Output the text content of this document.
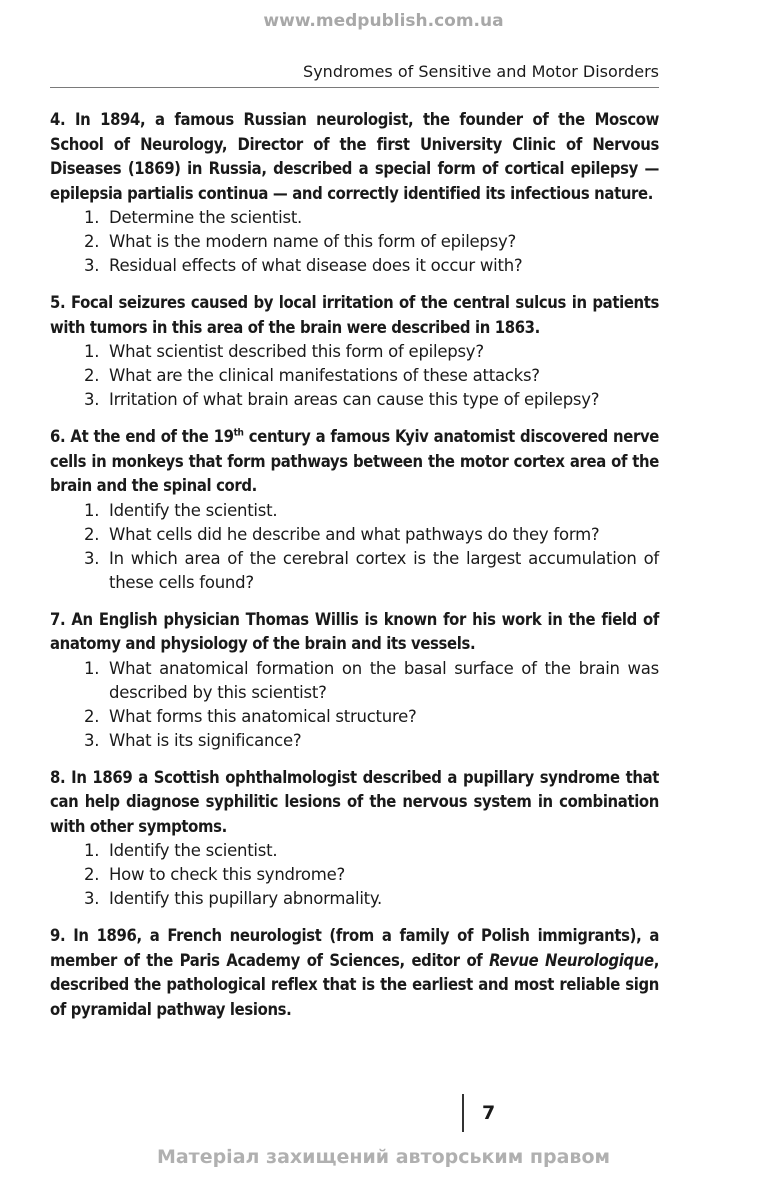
www.medpublish.com.ua
Syndromes of Sensitive and Motor Disorders
4. In 1894, a famous Russian neurologist, the founder of the Moscow School of Neurology, Director of the first University Clinic of Nervous Diseases (1869) in Russia, described a special form of cortical epilepsy — epilepsia partialis continua — and correctly identified its infectious nature.
1. Determine the scientist.
2. What is the modern name of this form of epilepsy?
3. Residual effects of what disease does it occur with?
5. Focal seizures caused by local irritation of the central sulcus in patients with tumors in this area of the brain were described in 1863.
1. What scientist described this form of epilepsy?
2. What are the clinical manifestations of these attacks?
3. Irritation of what brain areas can cause this type of epilepsy?
6. At the end of the 19th century a famous Kyiv anatomist discovered nerve cells in monkeys that form pathways between the motor cortex area of the brain and the spinal cord.
1. Identify the scientist.
2. What cells did he describe and what pathways do they form?
3. In which area of the cerebral cortex is the largest accumulation of these cells found?
7. An English physician Thomas Willis is known for his work in the field of anatomy and physiology of the brain and its vessels.
1. What anatomical formation on the basal surface of the brain was described by this scientist?
2. What forms this anatomical structure?
3. What is its significance?
8. In 1869 a Scottish ophthalmologist described a pupillary syndrome that can help diagnose syphilitic lesions of the nervous system in combination with other symptoms.
1. Identify the scientist.
2. How to check this syndrome?
3. Identify this pupillary abnormality.
9. In 1896, a French neurologist (from a family of Polish immigrants), a member of the Paris Academy of Sciences, editor of Revue Neurologique, described the pathological reflex that is the earliest and most reliable sign of pyramidal pathway lesions.
7
Матеріал захищений авторським правом
